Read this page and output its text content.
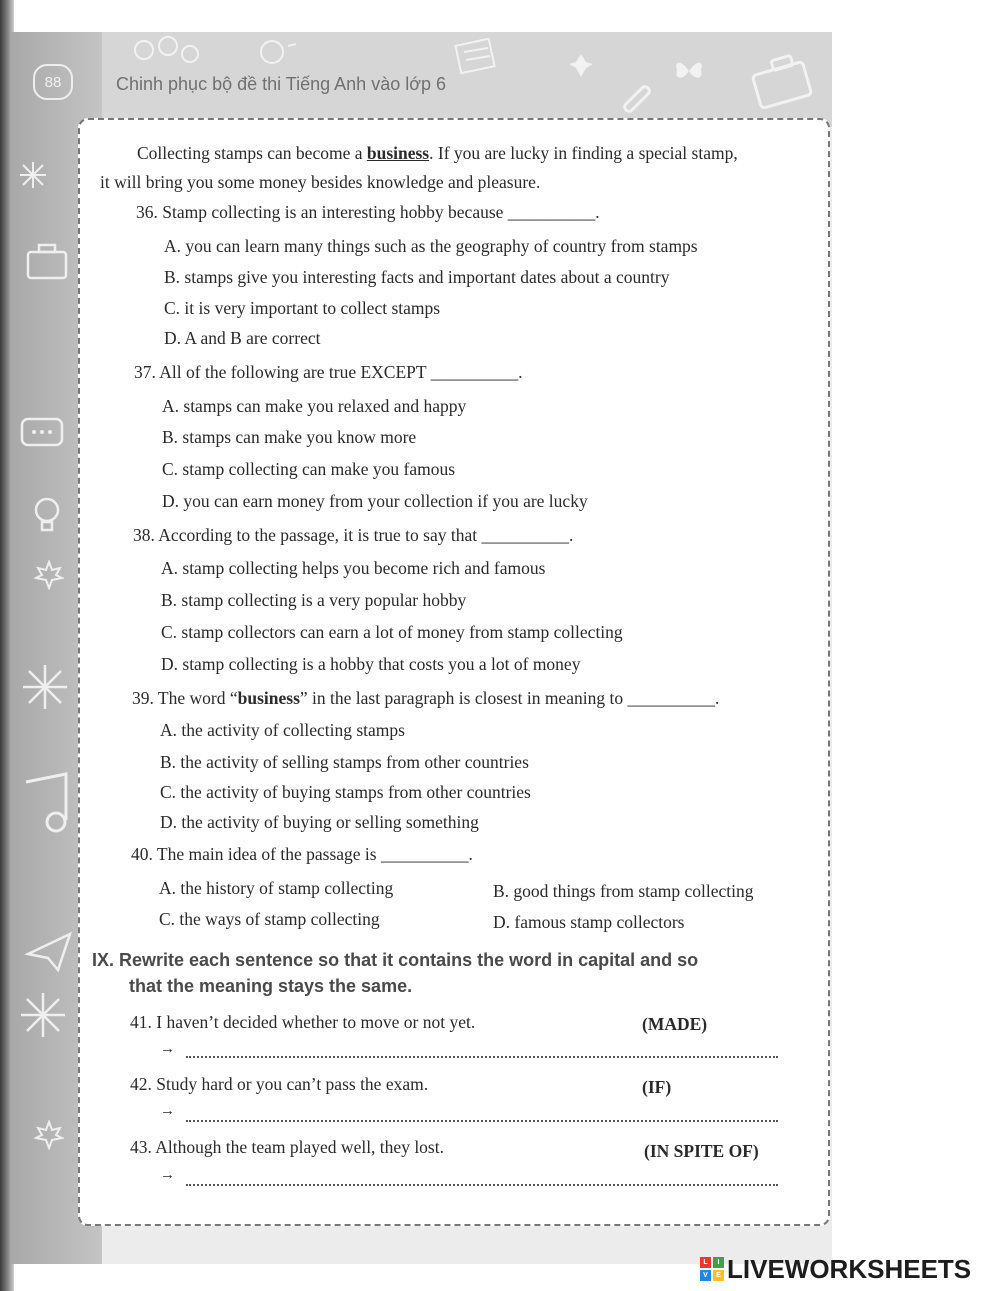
88	Chinh phục bộ đề thi Tiếng Anh vào lớp 6
Collecting stamps can become a business. If you are lucky in finding a special stamp,
it will bring you some money besides knowledge and pleasure.
36. Stamp collecting is an interesting hobby because __________.
A. you can learn many things such as the geography of country from stamps
B. stamps give you interesting facts and important dates about a country
C. it is very important to collect stamps
D. A and B are correct
37. All of the following are true EXCEPT __________.
A. stamps can make you relaxed and happy
B. stamps can make you know more
C. stamp collecting can make you famous
D. you can earn money from your collection if you are lucky
38. According to the passage, it is true to say that __________.
A. stamp collecting helps you become rich and famous
B. stamp collecting is a very popular hobby
C. stamp collectors can earn a lot of money from stamp collecting
D. stamp collecting is a hobby that costs you a lot of money
39. The word “business” in the last paragraph is closest in meaning to __________.
A. the activity of collecting stamps
B. the activity of selling stamps from other countries
C. the activity of buying stamps from other countries
D. the activity of buying or selling something
40. The main idea of the passage is __________.
A. the history of stamp collecting	B. good things from stamp collecting
C. the ways of stamp collecting	D. famous stamp collectors
IX. Rewrite each sentence so that it contains the word in capital and so
that the meaning stays the same.
41. I haven’t decided whether to move or not yet.	(MADE)
→
42. Study hard or you can’t pass the exam.	(IF)
→
43. Although the team played well, they lost.	(IN SPITE OF)
→
L	I
V	E LIVEWORKSHEETS
